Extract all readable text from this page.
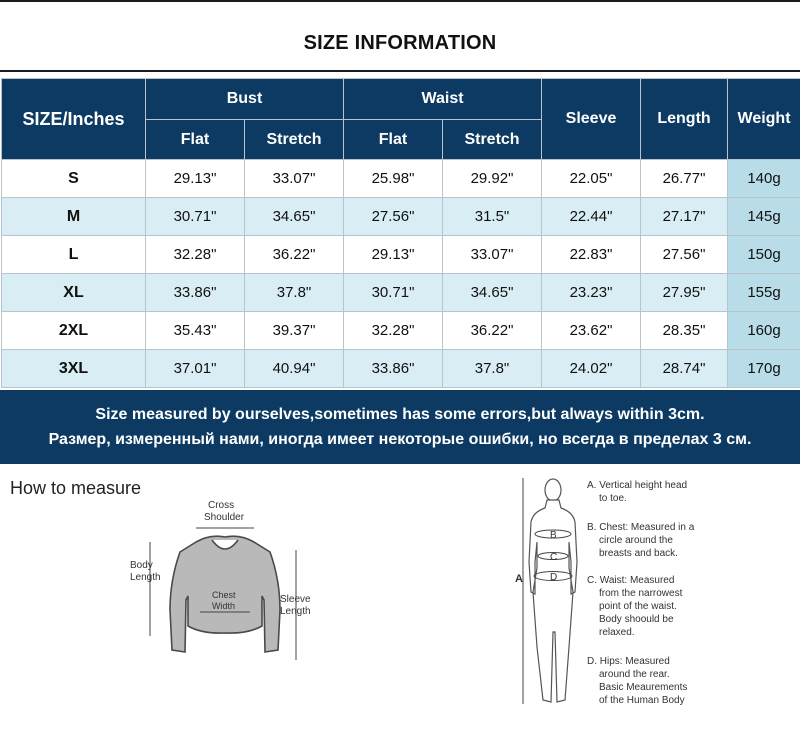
SIZE INFORMATION
SIZE/Inches	Bust		Waist		Sleeve	Length	Weight
	Flat	Stretch	Flat	Stretch			
S	29.13"	33.07"	25.98"	29.92"	22.05"	26.77"	140g
M	30.71"	34.65"	27.56"	31.5"	22.44"	27.17"	145g
L	32.28"	36.22"	29.13"	33.07"	22.83"	27.56"	150g
XL	33.86"	37.8"	30.71"	34.65"	23.23"	27.95"	155g
2XL	35.43"	39.37"	32.28"	36.22"	23.62"	28.35"	160g
3XL	37.01"	40.94"	33.86"	37.8"	24.02"	28.74"	170g
Size measured by ourselves,sometimes has some errors,but always within 3cm.
Размер, измеренный нами, иногда имеет некоторые ошибки, но всегда в пределах 3 см.
How to measure
Cross Shoulder
Body Length
Chest Width
Sleeve Length
A
B
C
D
A. Vertical height head to toe.
B. Chest: Measured in a circle around the breasts and back.
C. Waist: Measured from the narrowest point of the waist. Body shoould be relaxed.
D. Hips: Measured around the rear. Basic Meaurements of the Human Body
